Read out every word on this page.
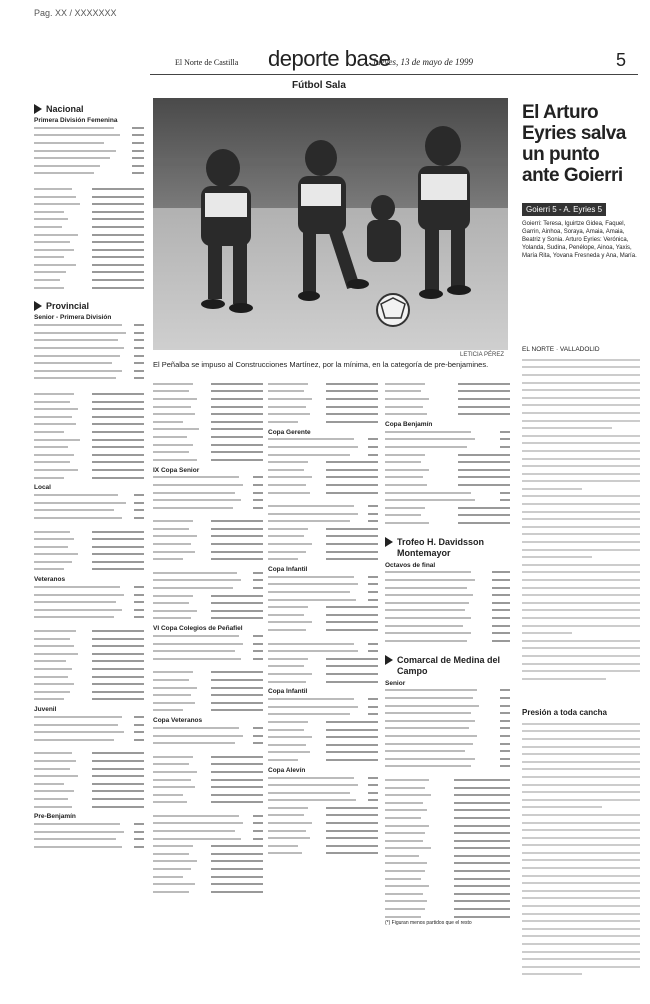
Pag. XX / XXXXXXX
El Norte de Castilla deporte base
Jueves, 13 de mayo de 1999	5
Fútbol Sala
LETICIA PÉREZ
El Peñalba se impuso al Construcciones Martínez, por la mínima, en la categoría de pre-benjamines.
Nacional
Primera División Femenina
Provincial
Senior - Primera División
Local
Veteranos
Juvenil
Pre-Benjamín
IX Copa Senior
VI Copa Colegios de Peñafiel
Copa Veteranos
Copa Gerente
Copa Infantil
Copa Infantil
Copa Alevín
Copa Benjamín
Trofeo H. Davidsson Montemayor
Octavos de final
Comarcal de Medina del Campo
Senior
(*) Figuran menos partidos que el resto
El Arturo Eyries salva un punto ante Goierri
Goierri 5 - A. Eyries 5
Goierri: Teresa, Iguirtze Gidea, Faquel, Garrin, Ainhoa, Soraya, Amaia, Amaia, Beatriz y Sonia. Arturo Eyries: Verónica, Yolanda, Sudina, Penélope, Ainoa, Yaxis, María Rita, Yovana Fresneda y Ana, María.
EL NORTE · VALLADOLID
Presión a toda cancha
